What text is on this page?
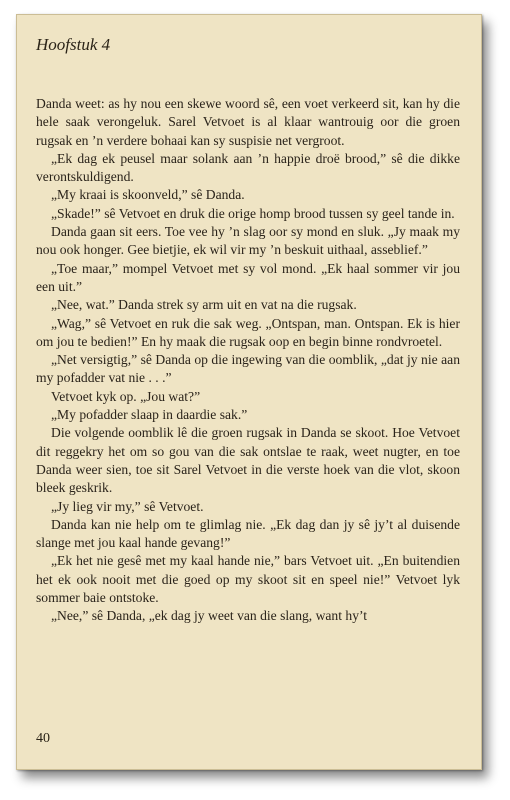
Hoofstuk 4

Danda weet: as hy nou een skewe woord sê, een voet verkeerd sit, kan hy die hele saak verongeluk. Sarel Vetvoet is al klaar wantrouig oor die groen rugsak en ’n verdere bohaai kan sy suspisie net vergroot.

„Ek dag ek peusel maar solank aan ’n happie droë brood,” sê die dikke verontskuldigend.

„My kraai is skoonveld,” sê Danda.

„Skade!” sê Vetvoet en druk die orige homp brood tussen sy geel tande in.

Danda gaan sit eers. Toe vee hy ’n slag oor sy mond en sluk. „Jy maak my nou ook honger. Gee bietjie, ek wil vir my ’n beskuit uithaal, asseblief.”

„Toe maar,” mompel Vetvoet met sy vol mond. „Ek haal sommer vir jou een uit.”

„Nee, wat.” Danda strek sy arm uit en vat na die rugsak.

„Wag,” sê Vetvoet en ruk die sak weg. „Ontspan, man. Ontspan. Ek is hier om jou te bedien!” En hy maak die rugsak oop en begin binne rondvroetel.

„Net versigtig,” sê Danda op die ingewing van die oomblik, „dat jy nie aan my pofadder vat nie . . .”

Vetvoet kyk op. „Jou wat?”

„My pofadder slaap in daardie sak.”

Die volgende oomblik lê die groen rugsak in Danda se skoot. Hoe Vetvoet dit reggekry het om so gou van die sak ontslae te raak, weet nugter, en toe Danda weer sien, toe sit Sarel Vetvoet in die verste hoek van die vlot, skoon bleek geskrik.

„Jy lieg vir my,” sê Vetvoet.

Danda kan nie help om te glimlag nie. „Ek dag dan jy sê jy’t al duisende slange met jou kaal hande gevang!”

„Ek het nie gesê met my kaal hande nie,” bars Vetvoet uit. „En buitendien het ek ook nooit met die goed op my skoot sit en speel nie!” Vetvoet lyk sommer baie ontstoke.

„Nee,” sê Danda, „ek dag jy weet van die slang, want hy’t

40
